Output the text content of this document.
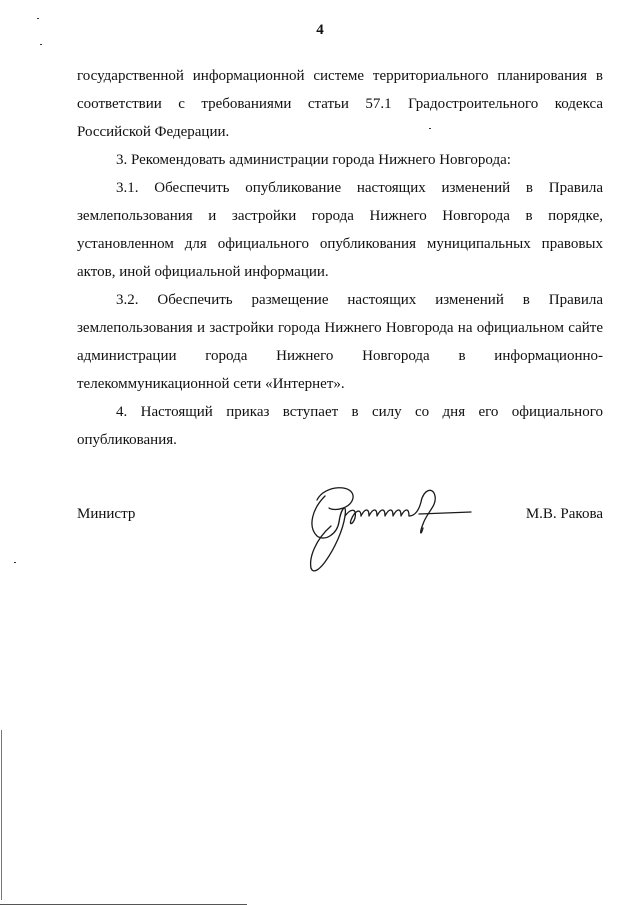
4

государственной информационной системе территориального планирования в соответствии с требованиями статьи 57.1 Градостроительного кодекса Российской Федерации.

3. Рекомендовать администрации города Нижнего Новгорода:

3.1. Обеспечить опубликование настоящих изменений в Правила землепользования и застройки города Нижнего Новгорода в порядке, установленном для официального опубликования муниципальных правовых актов, иной официальной информации.

3.2. Обеспечить размещение настоящих изменений в Правила землепользования и застройки города Нижнего Новгорода на официальном сайте администрации города Нижнего Новгорода в информационно-телекоммуникационной сети «Интернет».

4. Настоящий приказ вступает в силу со дня его официального опубликования.

Министр	М.В. Ракова
